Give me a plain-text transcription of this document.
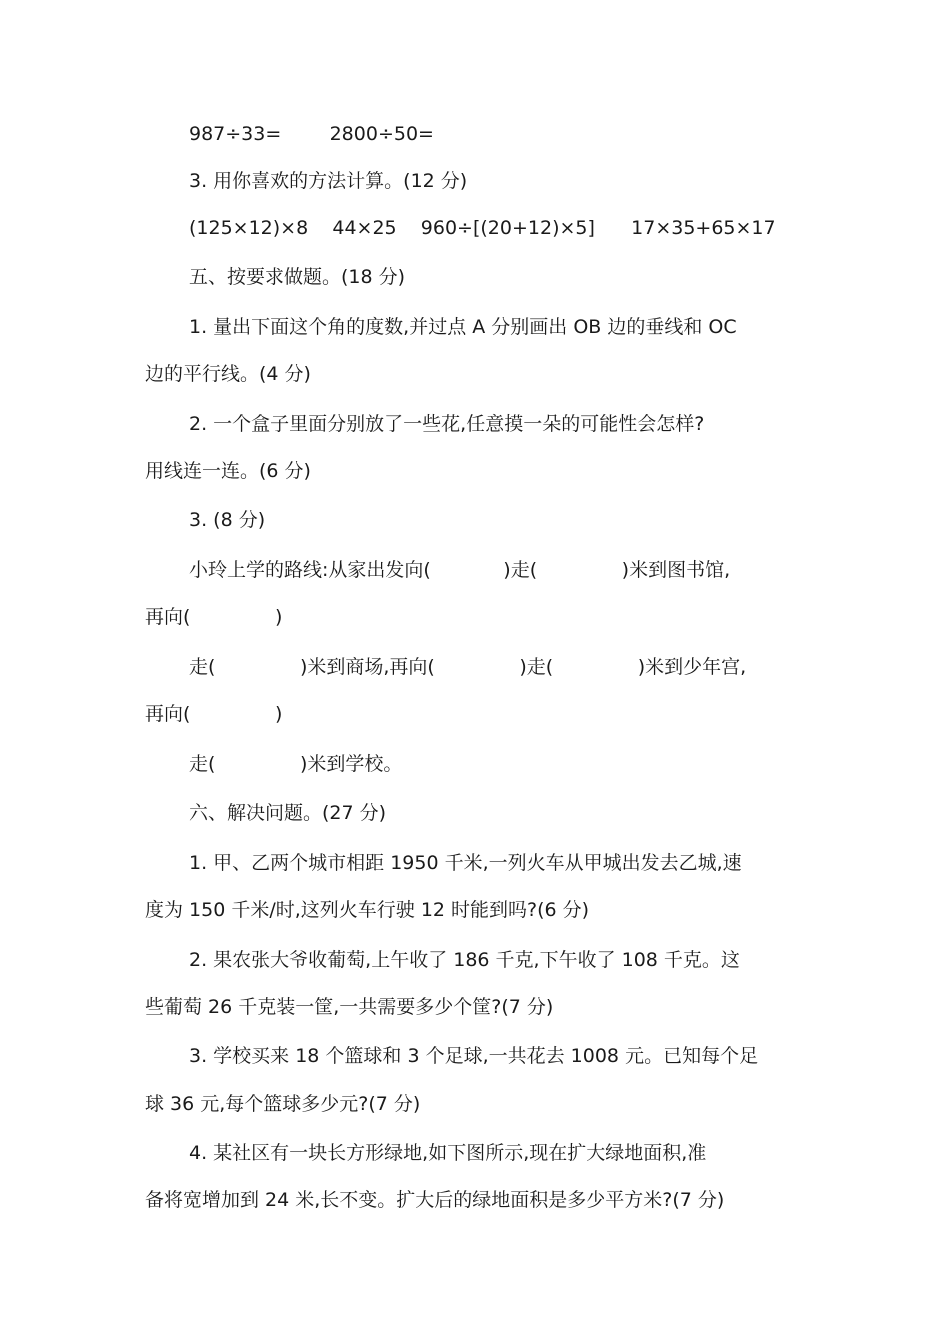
987÷33=        2800÷50=
3. 用你喜欢的方法计算。(12 分)
(125×12)×8    44×25    960÷[(20+12)×5]      17×35+65×17
五、按要求做题。(18 分)
1. 量出下面这个角的度数,并过点 A 分别画出 OB 边的垂线和 OC
边的平行线。(4 分)
2. 一个盒子里面分别放了一些花,任意摸一朵的可能性会怎样?
用线连一连。(6 分)
3. (8 分)
小玲上学的路线:从家出发向(            )走(              )米到图书馆,
再向(              )
走(              )米到商场,再向(              )走(              )米到少年宫,
再向(              )
走(              )米到学校。
六、解决问题。(27 分)
1. 甲、乙两个城市相距 1950 千米,一列火车从甲城出发去乙城,速
度为 150 千米/时,这列火车行驶 12 时能到吗?(6 分)
2. 果农张大爷收葡萄,上午收了 186 千克,下午收了 108 千克。这
些葡萄 26 千克装一筐,一共需要多少个筐?(7 分)
3. 学校买来 18 个篮球和 3 个足球,一共花去 1008 元。已知每个足
球 36 元,每个篮球多少元?(7 分)
4. 某社区有一块长方形绿地,如下图所示,现在扩大绿地面积,准
备将宽增加到 24 米,长不变。扩大后的绿地面积是多少平方米?(7 分)
